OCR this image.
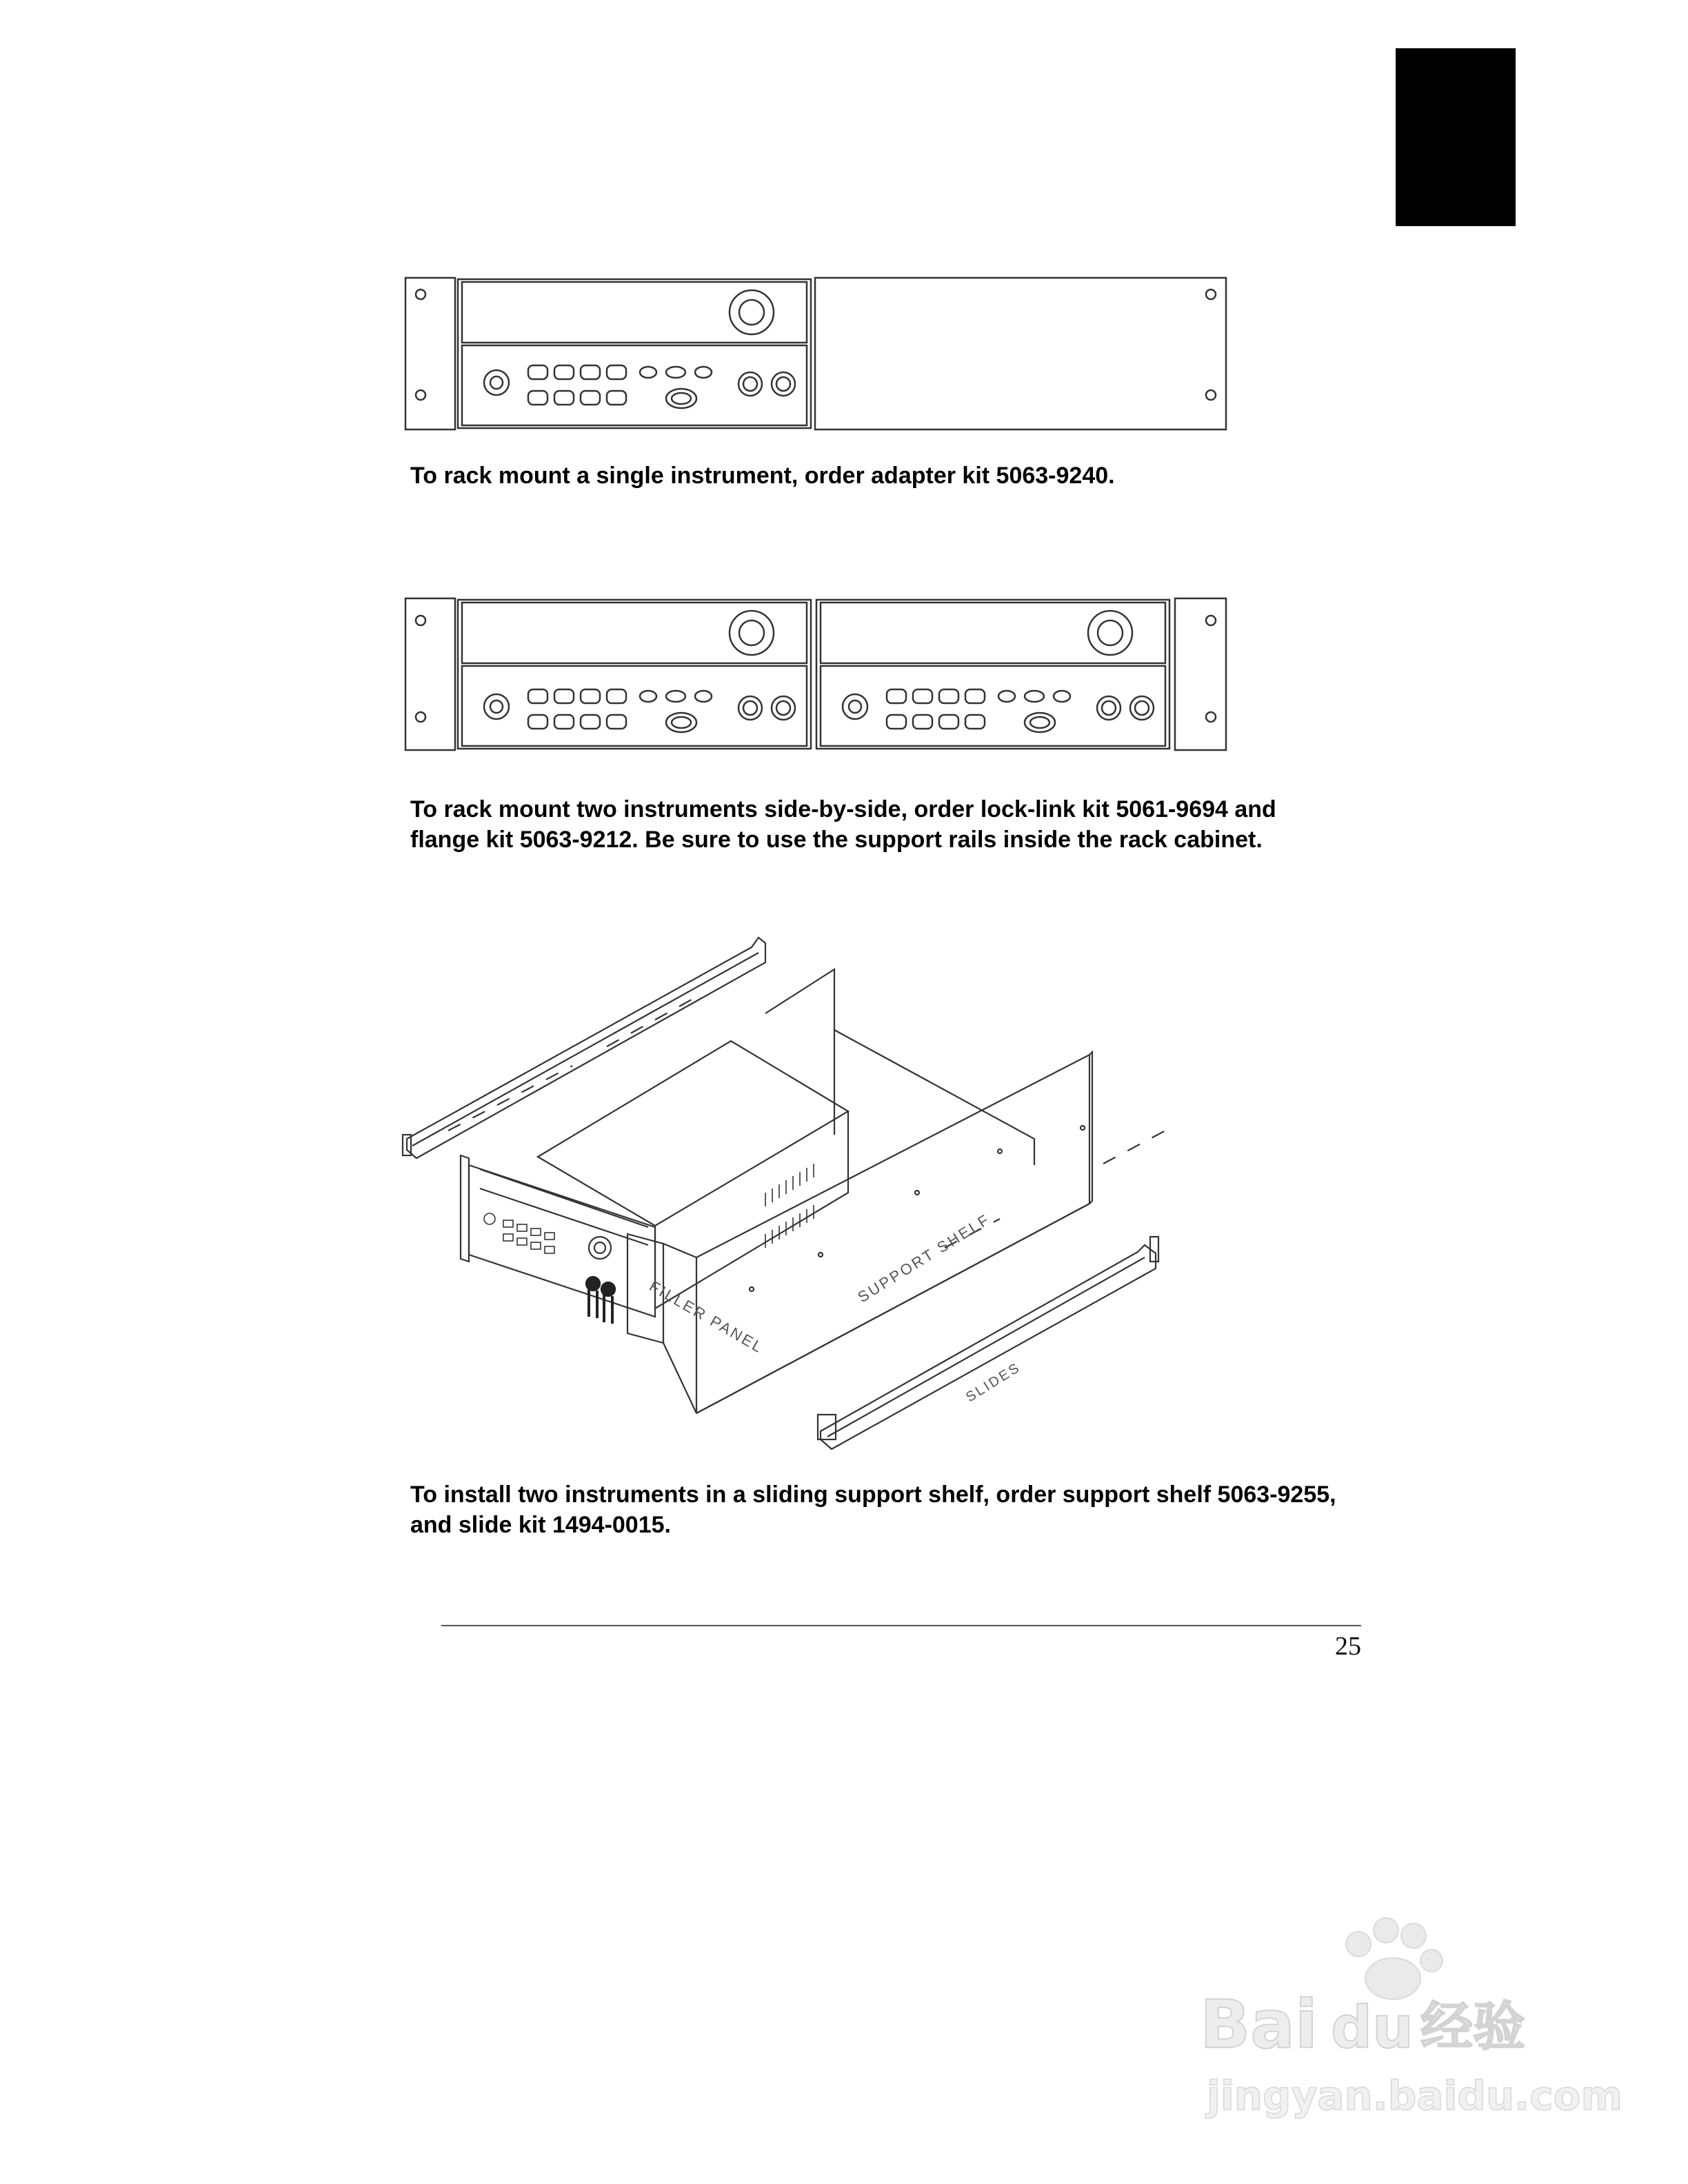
To rack mount a single instrument, order adapter kit 5063-9240.

To rack mount two instruments side-by-side, order lock-link kit 5061-9694 and
flange kit 5063-9212. Be sure to use the support rails inside the rack cabinet.

FILLER PANEL
SUPPORT SHELF
SLIDES

To install two instruments in a sliding support shelf, order support shelf 5063-9255,
and slide kit 1494-0015.

25
Bai du 经验
jingyan.baidu.com
